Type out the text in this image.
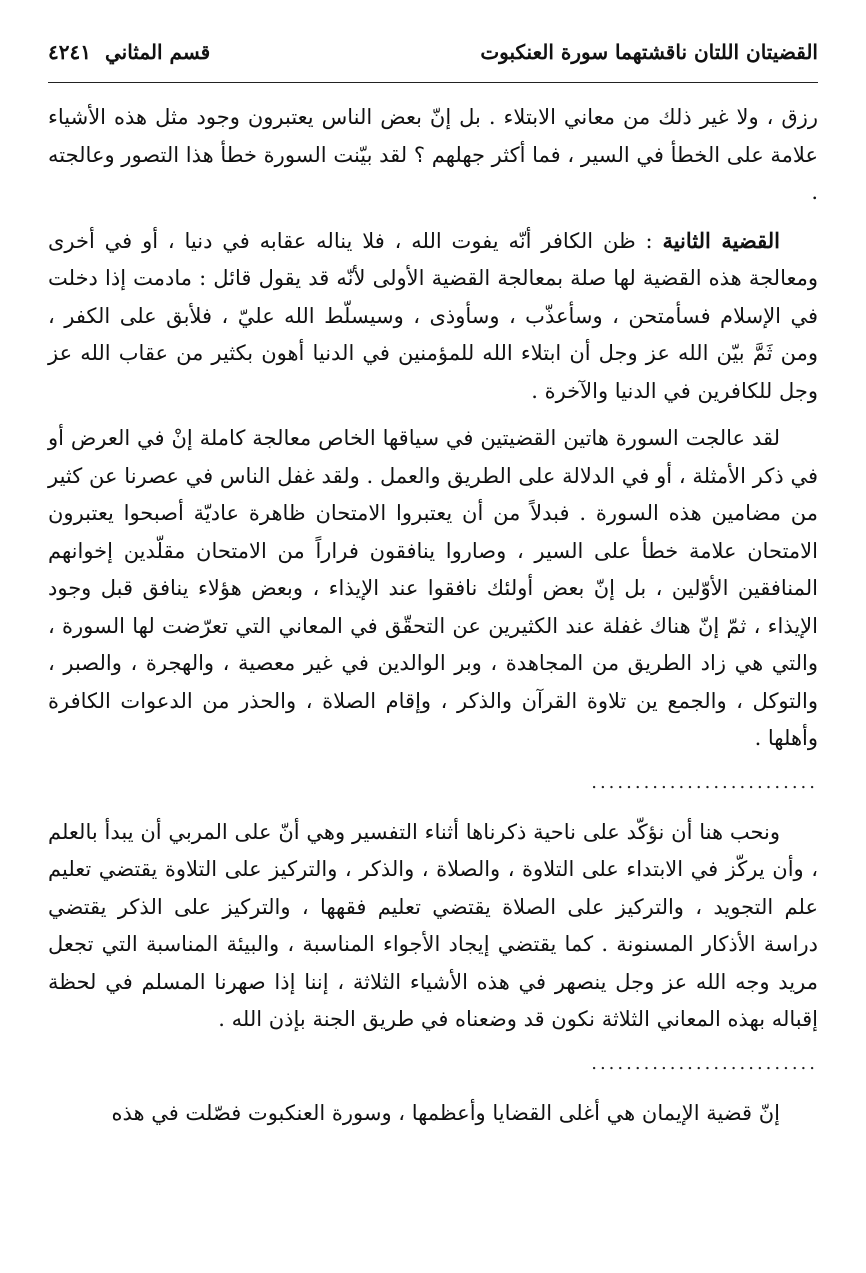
القضيتان اللتان ناقشتهما سورة العنكبوت
قسم المثاني
٤٢٤١

رزق ، ولا غير ذلك من معاني الابتلاء . بل إنّ بعض الناس يعتبرون وجود مثل هذه الأشياء علامة على الخطأ في السير ، فما أكثر جهلهم ؟ لقد بيّنت السورة خطأ هذا التصور وعالجته .

القضية الثانية : ظن الكافر أنّه يفوت الله ، فلا يناله عقابه في دنيا ، أو في أخرى ومعالجة هذه القضية لها صلة بمعالجة القضية الأولى لأنّه قد يقول قائل : مادمت إذا دخلت في الإسلام فسأمتحن ، وسأعذّب ، وسأوذى ، وسيسلّط الله عليّ ، فلأبق على الكفر ، ومن ثَمَّ بيّن الله عز وجل أن ابتلاء الله للمؤمنين في الدنيا أهون بكثير من عقاب الله عز وجل للكافرين في الدنيا والآخرة .

لقد عالجت السورة هاتين القضيتين في سياقها الخاص معالجة كاملة إنْ في العرض أو في ذكر الأمثلة ، أو في الدلالة على الطريق والعمل . ولقد غفل الناس في عصرنا عن كثير من مضامين هذه السورة . فبدلاً من أن يعتبروا الامتحان ظاهرة عاديّة أصبحوا يعتبرون الامتحان علامة خطأ على السير ، وصاروا ينافقون فراراً من الامتحان مقلّدين إخوانهم المنافقين الأوّلين ، بل إنّ بعض أولئك نافقوا عند الإيذاء ، وبعض هؤلاء ينافق قبل وجود الإيذاء ، ثمّ إنّ هناك غفلة عند الكثيرين عن التحقّق في المعاني التي تعرّضت لها السورة ، والتي هي زاد الطريق من المجاهدة ، وبر الوالدين في غير معصية ، والهجرة ، والصبر ، والتوكل ، والجمع ين تلاوة القرآن والذكر ، وإقام الصلاة ، والحذر من الدعوات الكافرة وأهلها .

..........................

ونحب هنا أن نؤكّد على ناحية ذكرناها أثناء التفسير وهي أنّ على المربي أن يبدأ بالعلم ، وأن يركّز في الابتداء على التلاوة ، والصلاة ، والذكر ، والتركيز على التلاوة يقتضي تعليم علم التجويد ، والتركيز على الصلاة يقتضي تعليم فقهها ، والتركيز على الذكر يقتضي دراسة الأذكار المسنونة . كما يقتضي إيجاد الأجواء المناسبة ، والبيئة المناسبة التي تجعل مريد وجه الله عز وجل ينصهر في هذه الأشياء الثلاثة ، إننا إذا صهرنا المسلم في لحظة إقباله بهذه المعاني الثلاثة نكون قد وضعناه في طريق الجنة بإذن الله .

..........................

إنّ قضية الإيمان هي أغلى القضايا وأعظمها ، وسورة العنكبوت فصّلت في هذه
